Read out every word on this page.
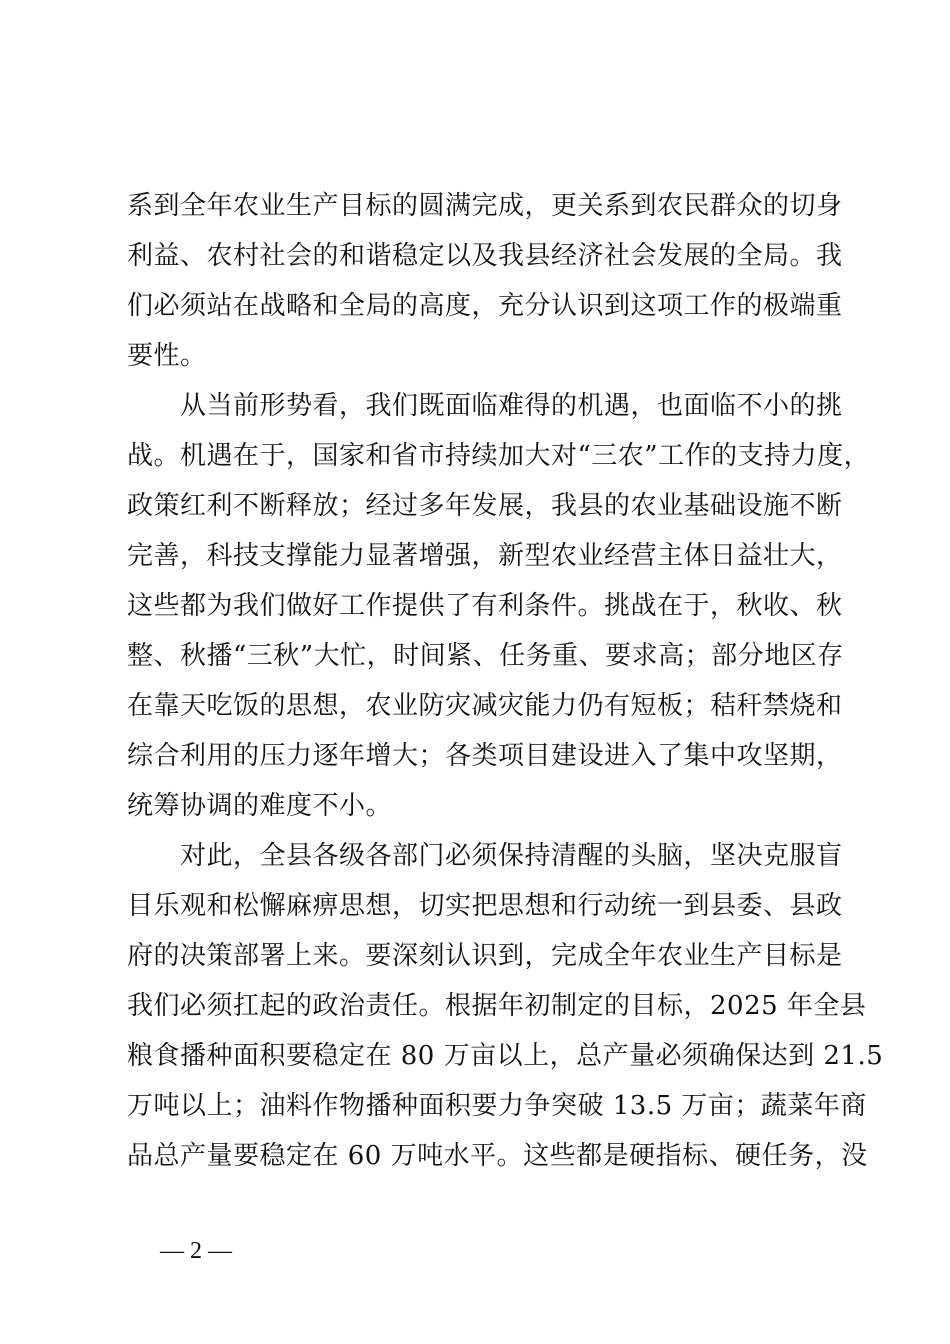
系到全年农业生产目标的圆满完成，更关系到农民群众的切身
利益、农村社会的和谐稳定以及我县经济社会发展的全局。我
们必须站在战略和全局的高度，充分认识到这项工作的极端重
要性。
　　从当前形势看，我们既面临难得的机遇，也面临不小的挑
战。机遇在于，国家和省市持续加大对“三农”工作的支持力度，
政策红利不断释放；经过多年发展，我县的农业基础设施不断
完善，科技支撑能力显著增强，新型农业经营主体日益壮大，
这些都为我们做好工作提供了有利条件。挑战在于，秋收、秋
整、秋播“三秋”大忙，时间紧、任务重、要求高；部分地区存
在靠天吃饭的思想，农业防灾减灾能力仍有短板；秸秆禁烧和
综合利用的压力逐年增大；各类项目建设进入了集中攻坚期，
统筹协调的难度不小。
　　对此，全县各级各部门必须保持清醒的头脑，坚决克服盲
目乐观和松懈麻痹思想，切实把思想和行动统一到县委、县政
府的决策部署上来。要深刻认识到，完成全年农业生产目标是
我们必须扛起的政治责任。根据年初制定的目标，2025 年全县
粮食播种面积要稳定在 80 万亩以上，总产量必须确保达到 21.5
万吨以上；油料作物播种面积要力争突破 13.5 万亩；蔬菜年商
品总产量要稳定在 60 万吨水平。这些都是硬指标、硬任务，没
— 2 —
